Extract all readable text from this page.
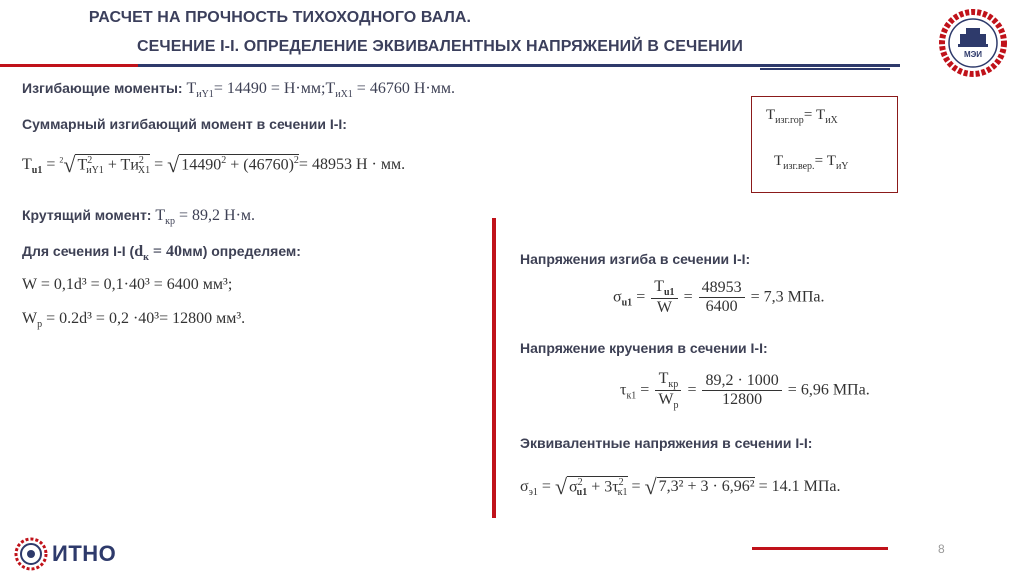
РАСЧЕТ НА ПРОЧНОСТЬ ТИХОХОДНОГО ВАЛА.
СЕЧЕНИЕ I-I. ОПРЕДЕЛЕНИЕ ЭКВИВАЛЕНТНЫХ НАПРЯЖЕНИЙ В СЕЧЕНИИ	МЭИ
Изгибающие моменты: $T_{иY1}= 14490$ = $Н\cdot мм;T_{иX1} = 46760$ Н·мм.
Суммарный изгибающий момент в сечении I-I:
$T_{u1} = ^2√$ $T^2_{иY1} + Tи^2_{X1}$ = √ $14490^2 + (46760)^2= 48953$ Н · мм.
Крутящий момент: $T_{кр} = 89,2$ Н·м.
Для сечения I-I $(d_к = 40мм)$ определяем:
W = 0,1d³ = 0,1·40³ = 6400 мм³;
$W_p = 0.2d^3 = 0,2 \cdot 40^3= 12800$ мм³.
$T_{изг.гор}= T_{иX}$
$T_{изг.вер.}= T_{иY}$
Напряжения изгиба в сечении I-I:
$\sigma_{u1} = \frac{T_{u1}}{W} = \frac{48953}{6400} = 7,3$ МПа.
Напряжение кручения в сечении I-I:
$\tau_{к1} = \frac{T_{кр}}{W_p} = \frac{89,2 \cdot 1000}{12800} = 6,96$ МПа.
Эквивалентные напряжения в сечении I-I:
$\sigma_{э1}$ = √ $\sigma^2_{u1} + 3\tau^2_{к1}$ = √ 7,3² + 3 · 6,96² = 14.1 МПа.
ИТНО	8
